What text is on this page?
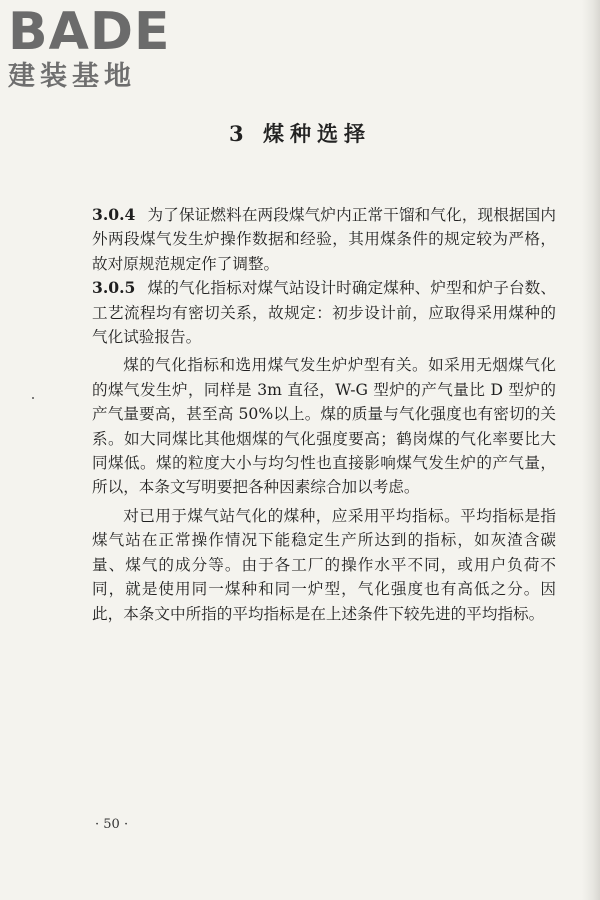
BADE
建装基地
3 煤种选择

3.0.4 为了保证燃料在两段煤气炉内正常干馏和气化，现根据国内外两段煤气发生炉操作数据和经验，其用煤条件的规定较为严格，故对原规范规定作了调整。

3.0.5 煤的气化指标对煤气站设计时确定煤种、炉型和炉子台数、工艺流程均有密切关系，故规定：初步设计前，应取得采用煤种的气化试验报告。

煤的气化指标和选用煤气发生炉炉型有关。如采用无烟煤气化的煤气发生炉，同样是 3m 直径，W-G 型炉的产气量比 D 型炉的产气量要高，甚至高 50%以上。煤的质量与气化强度也有密切的关系。如大同煤比其他烟煤的气化强度要高；鹤岗煤的气化率要比大同煤低。煤的粒度大小与均匀性也直接影响煤气发生炉的产气量，所以，本条文写明要把各种因素综合加以考虑。

对已用于煤气站气化的煤种，应采用平均指标。平均指标是指煤气站在正常操作情况下能稳定生产所达到的指标，如灰渣含碳量、煤气的成分等。由于各工厂的操作水平不同，或用户负荷不同，就是使用同一煤种和同一炉型，气化强度也有高低之分。因此，本条文中所指的平均指标是在上述条件下较先进的平均指标。

· 50 ·
